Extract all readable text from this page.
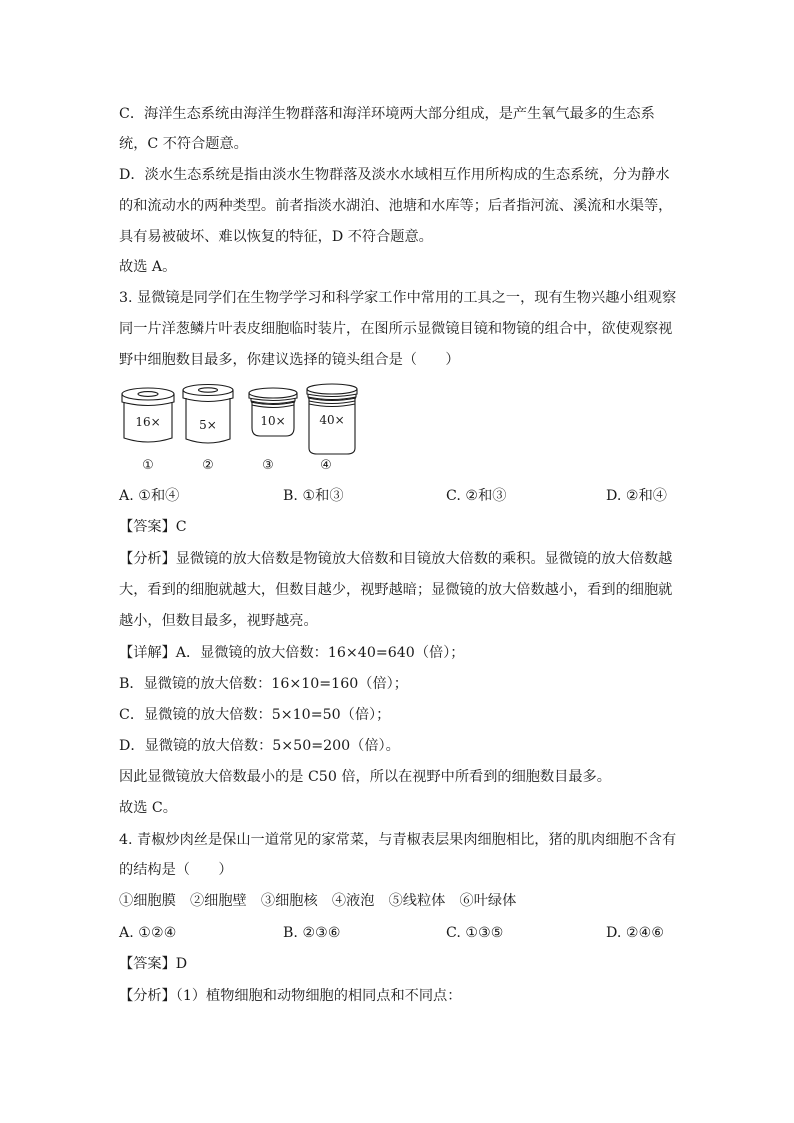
C．海洋生态系统由海洋生物群落和海洋环境两大部分组成，是产生氧气最多的生态系
统，C 不符合题意。
D．淡水生态系统是指由淡水生物群落及淡水水域相互作用所构成的生态系统，分为静水
的和流动水的两种类型。前者指淡水湖泊、池塘和水库等；后者指河流、溪流和水渠等，
具有易被破坏、难以恢复的特征，D 不符合题意。
故选 A。
3. 显微镜是同学们在生物学学习和科学家工作中常用的工具之一，现有生物兴趣小组观察
同一片洋葱鳞片叶表皮细胞临时装片，在图所示显微镜目镜和物镜的组合中，欲使观察视
野中细胞数目最多，你建议选择的镜头组合是（　　）
16×	5×	10×	40×
①	②	③	④
A. ①和④	B. ①和③	C. ②和③	D. ②和④
【答案】C
【分析】显微镜的放大倍数是物镜放大倍数和目镜放大倍数的乘积。显微镜的放大倍数越
大，看到的细胞就越大，但数目越少，视野越暗；显微镜的放大倍数越小，看到的细胞就
越小，但数目最多，视野越亮。
【详解】A．显微镜的放大倍数：16×40=640（倍）；
B．显微镜的放大倍数：16×10=160（倍）；
C．显微镜的放大倍数：5×10=50（倍）；
D．显微镜的放大倍数：5×50=200（倍）。
因此显微镜放大倍数最小的是 C50 倍，所以在视野中所看到的细胞数目最多。
故选 C。
4. 青椒炒肉丝是保山一道常见的家常菜，与青椒表层果肉细胞相比，猪的肌肉细胞不含有
的结构是（　　）
①细胞膜　②细胞壁　③细胞核　④液泡　⑤线粒体　⑥叶绿体
A. ①②④	B. ②③⑥	C. ①③⑤	D. ②④⑥
【答案】D
【分析】（1）植物细胞和动物细胞的相同点和不同点：
